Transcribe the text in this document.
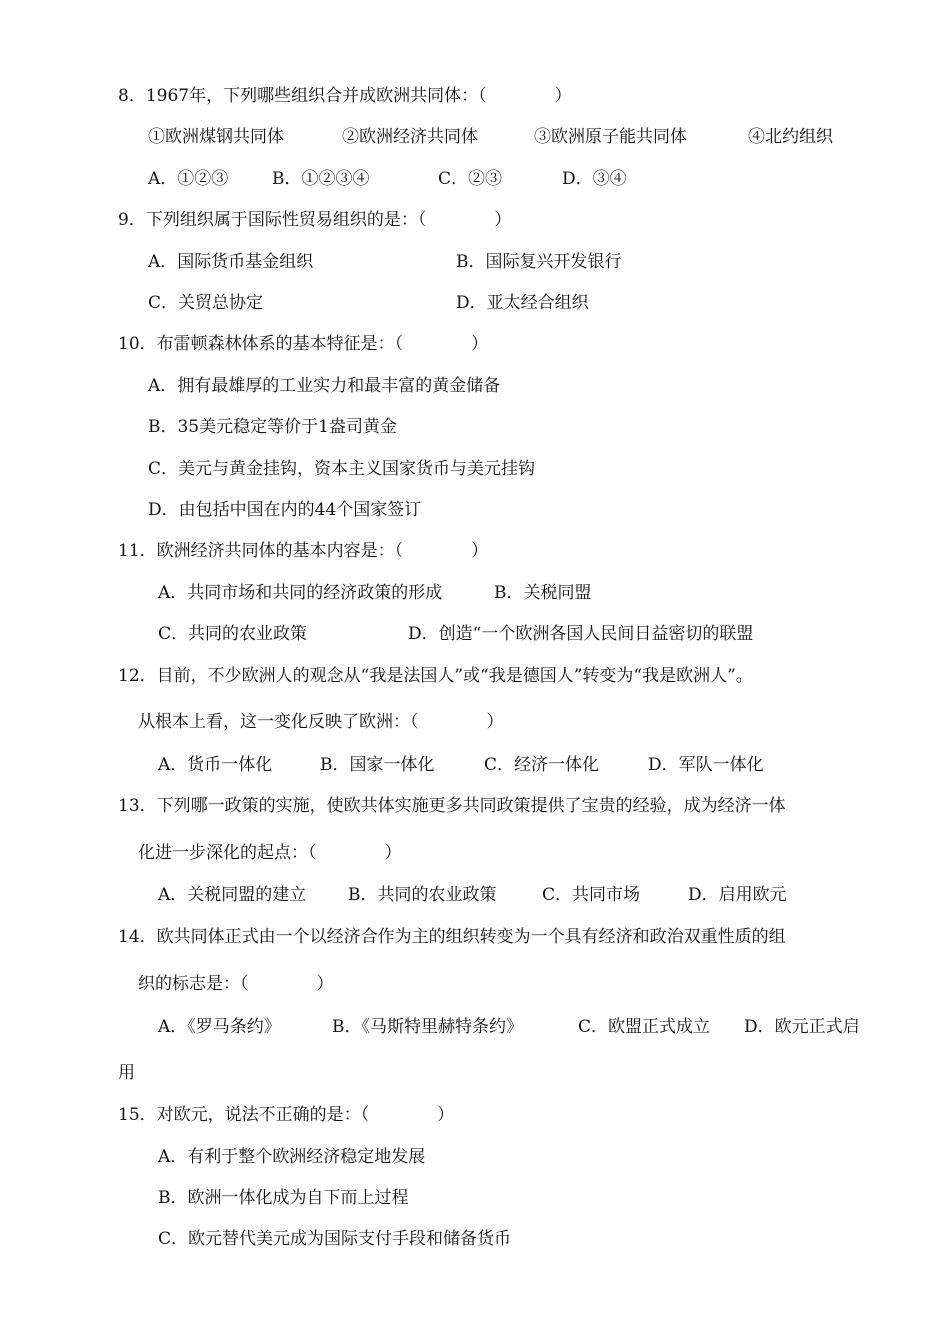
8．1967年，下列哪些组织合并成欧洲共同体：（　　　　）
①欧洲煤钢共同体	②欧洲经济共同体	③欧洲原子能共同体	④北约组织
A．①②③	B．①②③④	C．②③	D．③④
9．下列组织属于国际性贸易组织的是：（　　　　）
A．国际货币基金组织	B．国际复兴开发银行
C．关贸总协定	D．亚太经合组织
10．布雷顿森林体系的基本特征是：（　　　　）
A．拥有最雄厚的工业实力和最丰富的黄金储备
B．35美元稳定等价于1盎司黄金
C．美元与黄金挂钩，资本主义国家货币与美元挂钩
D．由包括中国在内的44个国家签订
11．欧洲经济共同体的基本内容是：（　　　　）
A．共同市场和共同的经济政策的形成	B．关税同盟
C．共同的农业政策	D．创造“一个欧洲各国人民间日益密切的联盟
12．目前，不少欧洲人的观念从“我是法国人”或“我是德国人”转变为“我是欧洲人”。
从根本上看，这一变化反映了欧洲：（　　　　）
A．货币一体化	B．国家一体化	C．经济一体化	D．军队一体化
13．下列哪一政策的实施，使欧共体实施更多共同政策提供了宝贵的经验，成为经济一体
化进一步深化的起点：（　　　　）
A．关税同盟的建立 B．共同的农业政策	C．共同市场	D．启用欧元
14．欧共同体正式由一个以经济合作为主的组织转变为一个具有经济和政治双重性质的组
织的标志是：（　　　　）
A．《罗马条约》	B．《马斯特里赫特条约》	C．欧盟正式成立 D．欧元正式启
用
15．对欧元，说法不正确的是：（　　　　）
A．有利于整个欧洲经济稳定地发展
B．欧洲一体化成为自下而上过程
C．欧元替代美元成为国际支付手段和储备货币
